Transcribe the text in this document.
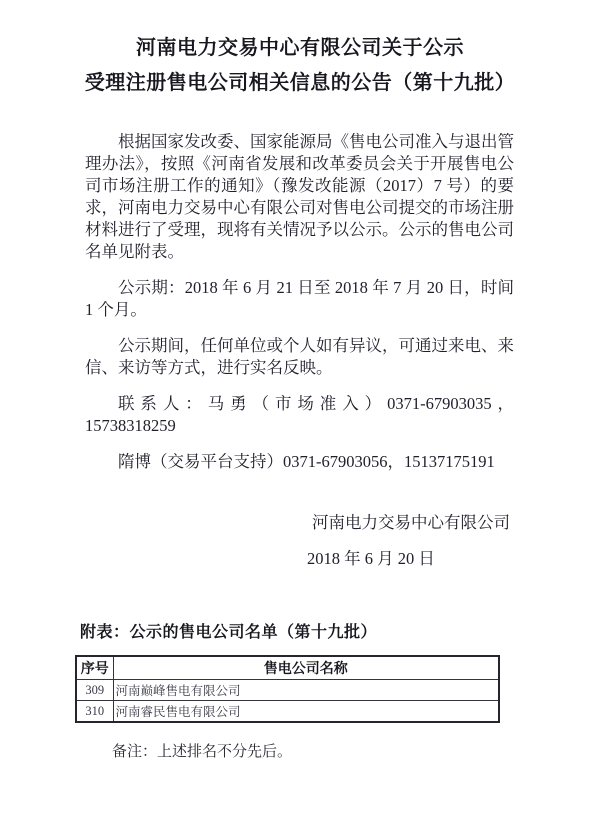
河南电力交易中心有限公司关于公示
受理注册售电公司相关信息的公告（第十九批）

根据国家发改委、国家能源局《售电公司准入与退出管理办法》，按照《河南省发展和改革委员会关于开展售电公司市场注册工作的通知》（豫发改能源（2017）7 号）的要求，河南电力交易中心有限公司对售电公司提交的市场注册材料进行了受理，现将有关情况予以公示。公示的售电公司名单见附表。

公示期：2018 年 6 月 21 日至 2018 年 7 月 20 日，时间 1 个月。

公示期间，任何单位或个人如有异议，可通过来电、来信、来访等方式，进行实名反映。

联系人：马勇（市场准入）0371-67903035，15738318259

隋博（交易平台支持）0371-67903056，15137175191

河南电力交易中心有限公司
2018 年 6 月 20 日
附表：公示的售电公司名单（第十九批）
序号	售电公司名称
309	河南巅峰售电有限公司
310	河南睿民售电有限公司
备注：上述排名不分先后。
